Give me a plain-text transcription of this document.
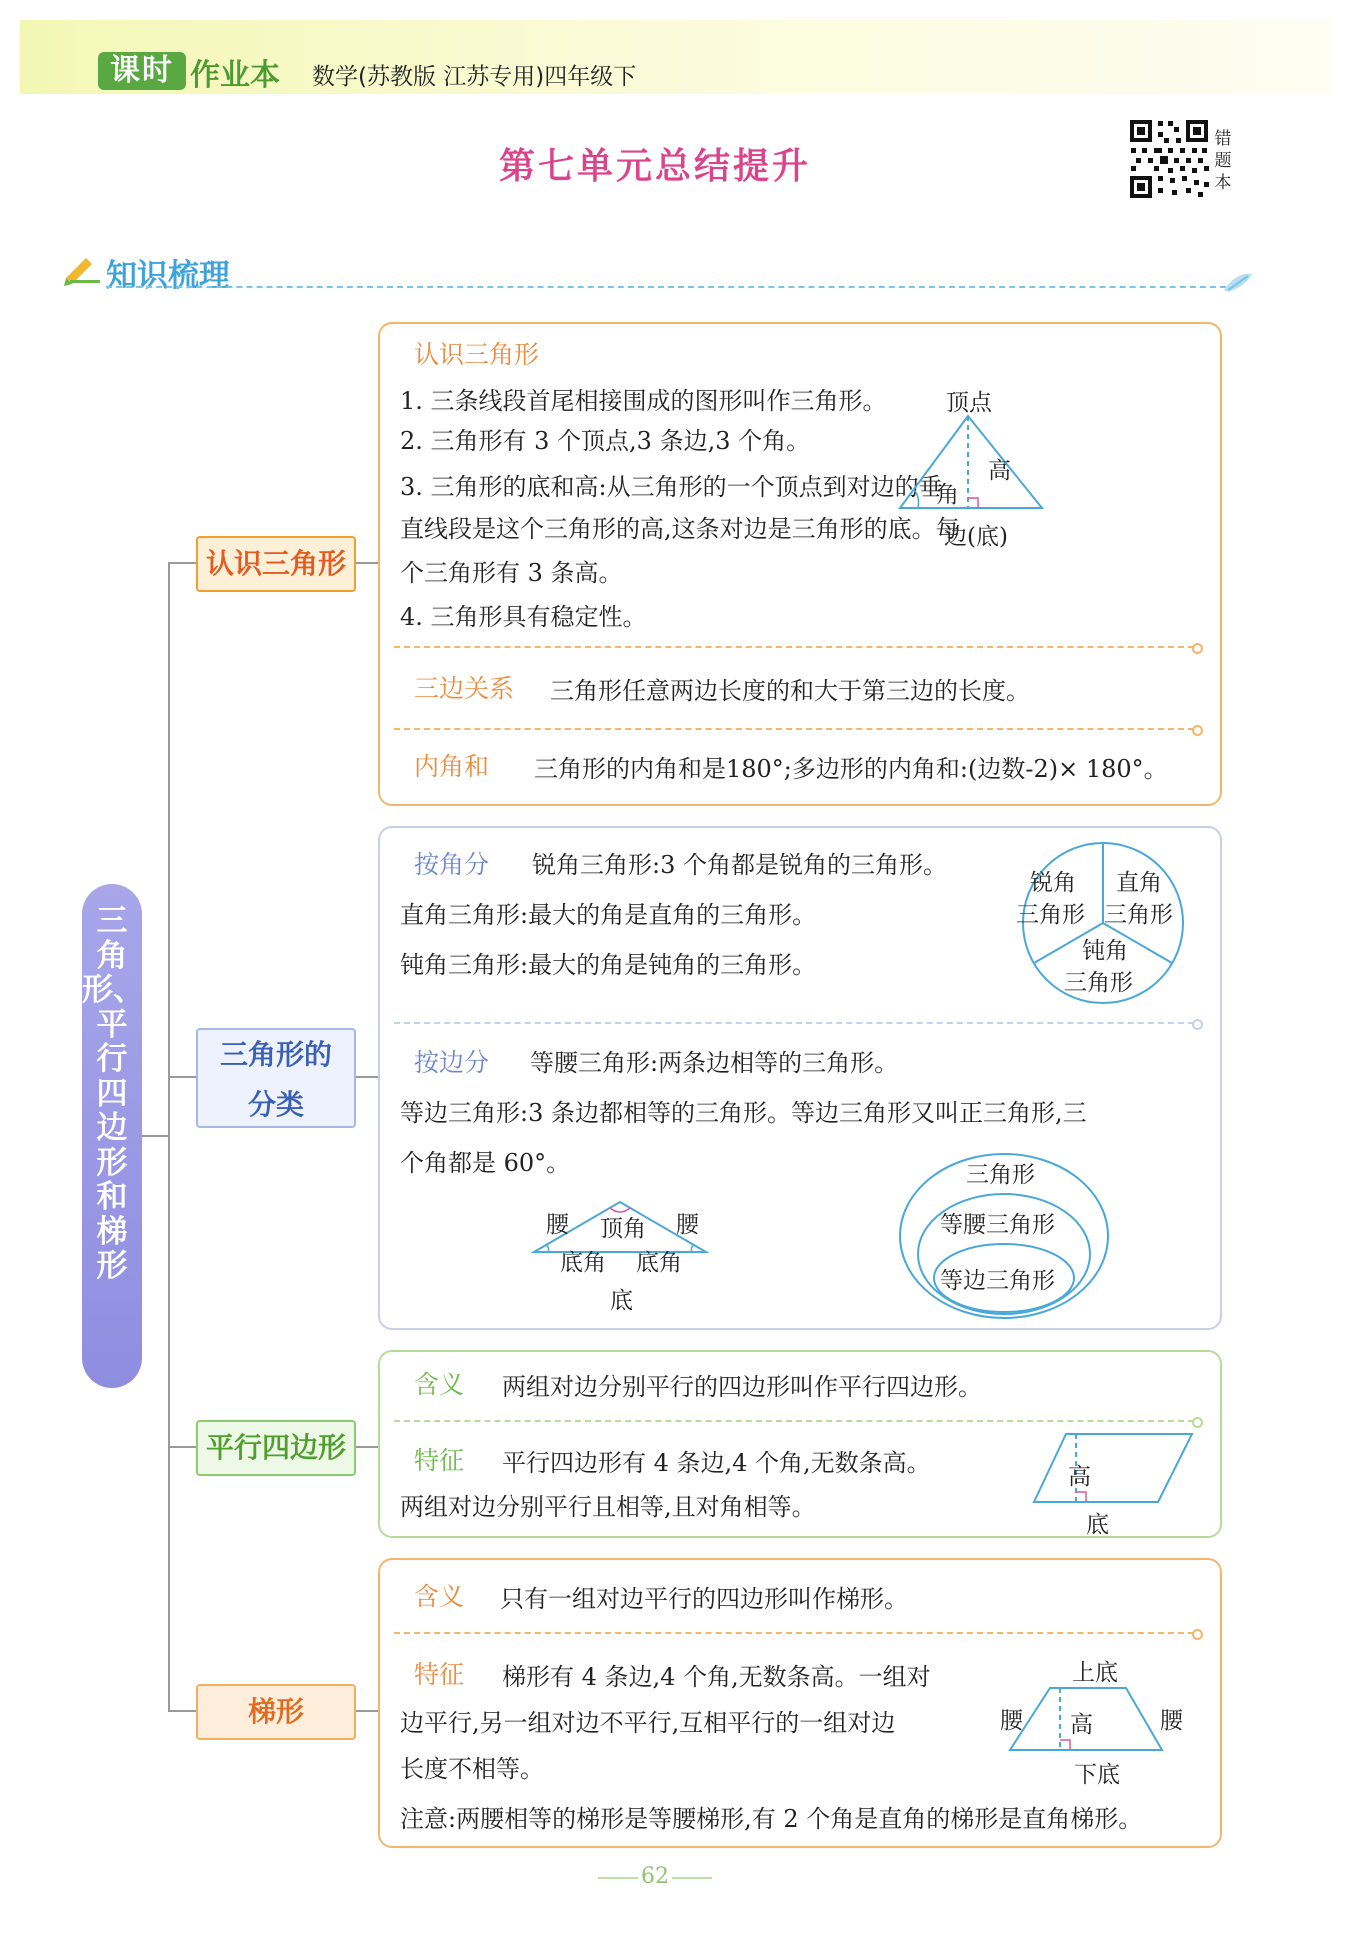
课时 作业本 数学(苏教版 江苏专用)四年级下
第七单元总结提升
错题本
知识梳理
三角形、平行四边形和梯形
认识三角形
三角形的
分类
平行四边形
梯形
认识三角形
1. 三条线段首尾相接围成的图形叫作三角形。
2. 三角形有 3 个顶点,3 条边,3 个角。
3. 三角形的底和高:从三角形的一个顶点到对边的垂
直线段是这个三角形的高,这条对边是三角形的底。每
个三角形有 3 条高。
4. 三角形具有稳定性。
顶点
高
角
边(底)
三边关系 三角形任意两边长度的和大于第三边的长度。
内角和 三角形的内角和是180°;多边形的内角和:(边数-2)× 180°。
按角分 锐角三角形:3 个角都是锐角的三角形。
直角三角形:最大的角是直角的三角形。
钝角三角形:最大的角是钝角的三角形。
锐角
三角形
直角
三角形
钝角
三角形
按边分 等腰三角形:两条边相等的三角形。
等边三角形:3 条边都相等的三角形。等边三角形又叫正三角形,三
个角都是 60°。
腰 顶角 腰
底角 底角
底
三角形
等腰三角形
等边三角形
含义 两组对边分别平行的四边形叫作平行四边形。
特征 平行四边形有 4 条边,4 个角,无数条高。
两组对边分别平行且相等,且对角相等。
高
底
含义 只有一组对边平行的四边形叫作梯形。
特征 梯形有 4 条边,4 个角,无数条高。一组对
边平行,另一组对边不平行,互相平行的一组对边
长度不相等。
注意:两腰相等的梯形是等腰梯形,有 2 个角是直角的梯形是直角梯形。
上底
腰 高	腰
下底
62
